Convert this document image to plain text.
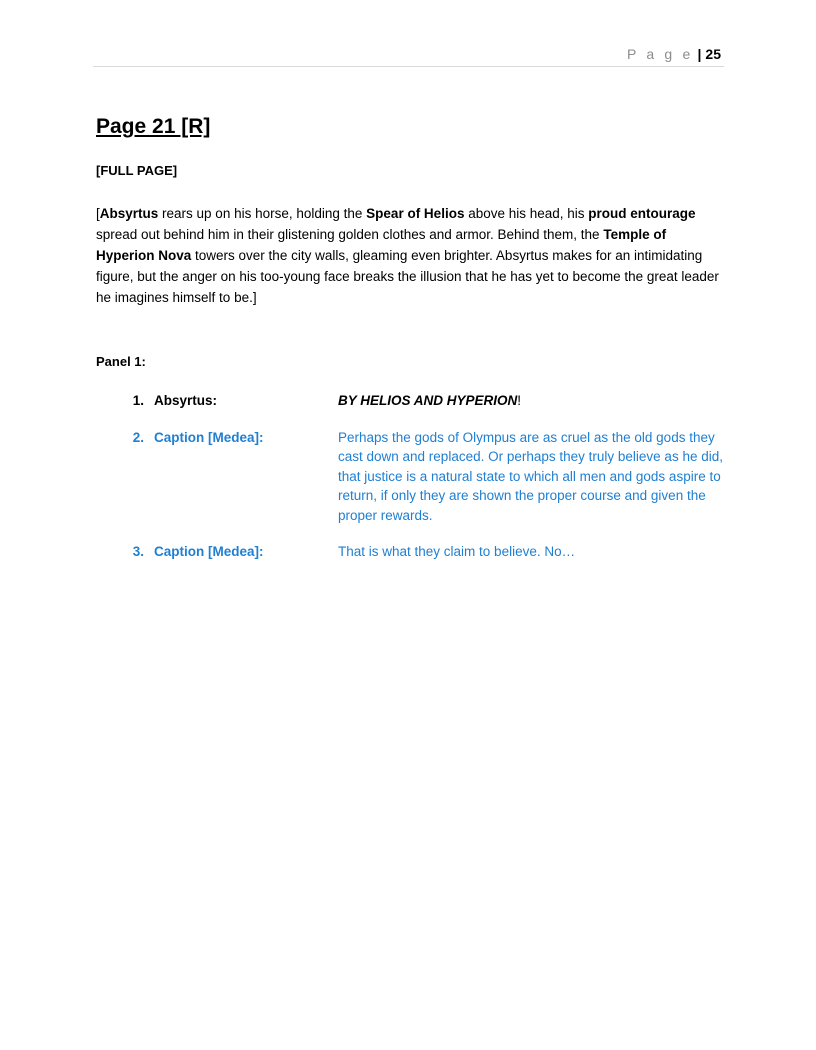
P a g e | 25
Page 21 [R]
[FULL PAGE]
[Absyrtus rears up on his horse, holding the Spear of Helios above his head, his proud entourage spread out behind him in their glistening golden clothes and armor. Behind them, the Temple of Hyperion Nova towers over the city walls, gleaming even brighter. Absyrtus makes for an intimidating figure, but the anger on his too-young face breaks the illusion that he has yet to become the great leader he imagines himself to be.]
Panel 1:
1. Absyrtus:	BY HELIOS AND HYPERION!
2. Caption [Medea]:	Perhaps the gods of Olympus are as cruel as the old gods they cast down and replaced. Or perhaps they truly believe as he did, that justice is a natural state to which all men and gods aspire to return, if only they are shown the proper course and given the proper rewards.
3. Caption [Medea]:	That is what they claim to believe. No…
